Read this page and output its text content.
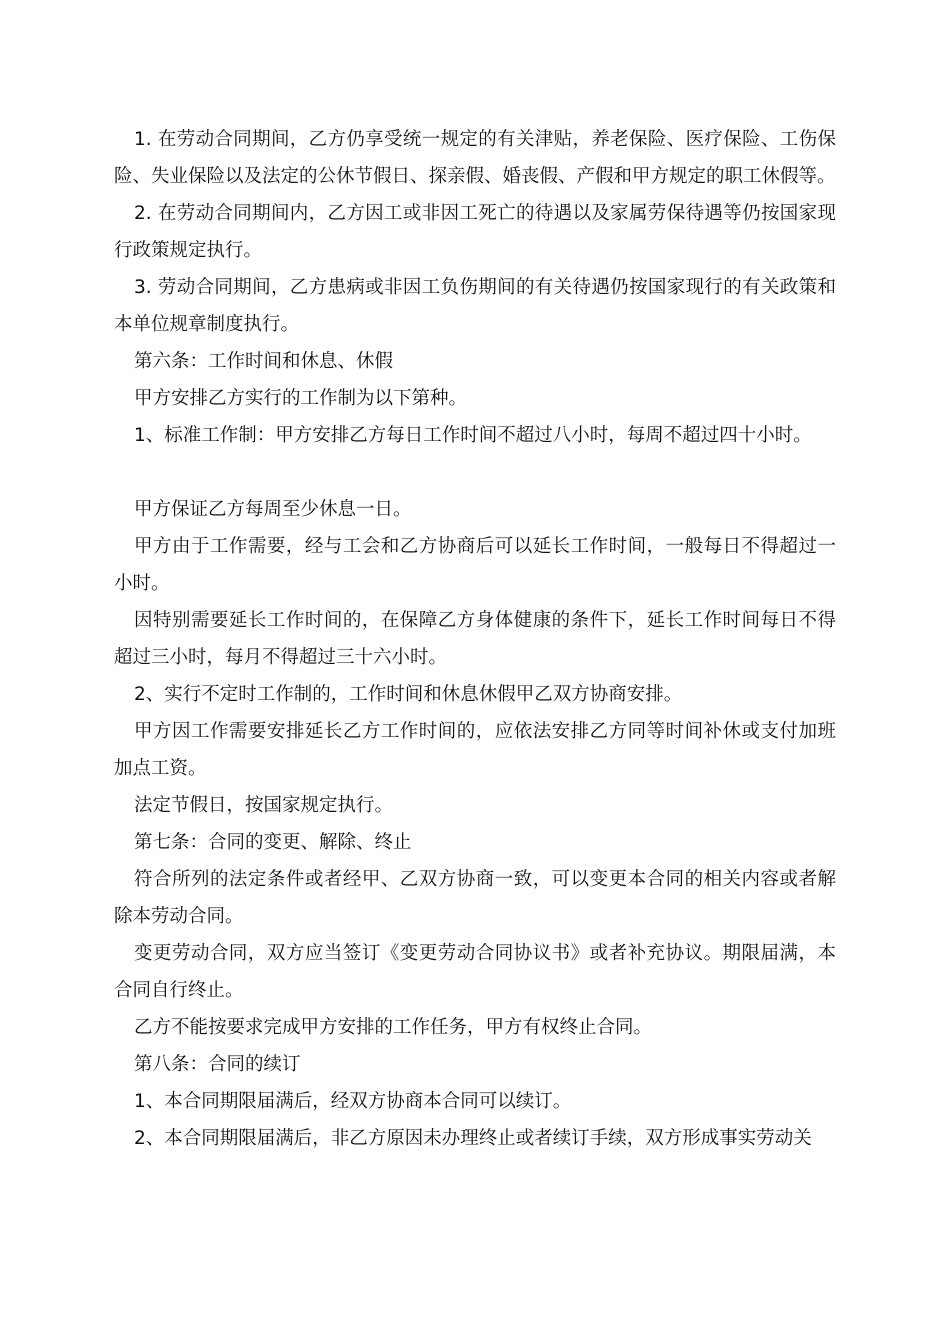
1. 在劳动合同期间，乙方仍享受统一规定的有关津贴，养老保险、医疗保险、工伤保险、失业保险以及法定的公休节假日、探亲假、婚丧假、产假和甲方规定的职工休假等。

2. 在劳动合同期间内，乙方因工或非因工死亡的待遇以及家属劳保待遇等仍按国家现行政策规定执行。

3. 劳动合同期间，乙方患病或非因工负伤期间的有关待遇仍按国家现行的有关政策和本单位规章制度执行。

第六条：工作时间和休息、休假

甲方安排乙方实行的工作制为以下第种。

1、标准工作制：甲方安排乙方每日工作时间不超过八小时，每周不超过四十小时。

甲方保证乙方每周至少休息一日。

甲方由于工作需要，经与工会和乙方协商后可以延长工作时间，一般每日不得超过一小时。

因特别需要延长工作时间的，在保障乙方身体健康的条件下，延长工作时间每日不得超过三小时，每月不得超过三十六小时。

2、实行不定时工作制的，工作时间和休息休假甲乙双方协商安排。

甲方因工作需要安排延长乙方工作时间的，应依法安排乙方同等时间补休或支付加班加点工资。

法定节假日，按国家规定执行。

第七条：合同的变更、解除、终止

符合所列的法定条件或者经甲、乙双方协商一致，可以变更本合同的相关内容或者解除本劳动合同。

变更劳动合同，双方应当签订《变更劳动合同协议书》或者补充协议。期限届满，本合同自行终止。

乙方不能按要求完成甲方安排的工作任务，甲方有权终止合同。

第八条：合同的续订

1、本合同期限届满后，经双方协商本合同可以续订。

2、本合同期限届满后，非乙方原因未办理终止或者续订手续，双方形成事实劳动关
